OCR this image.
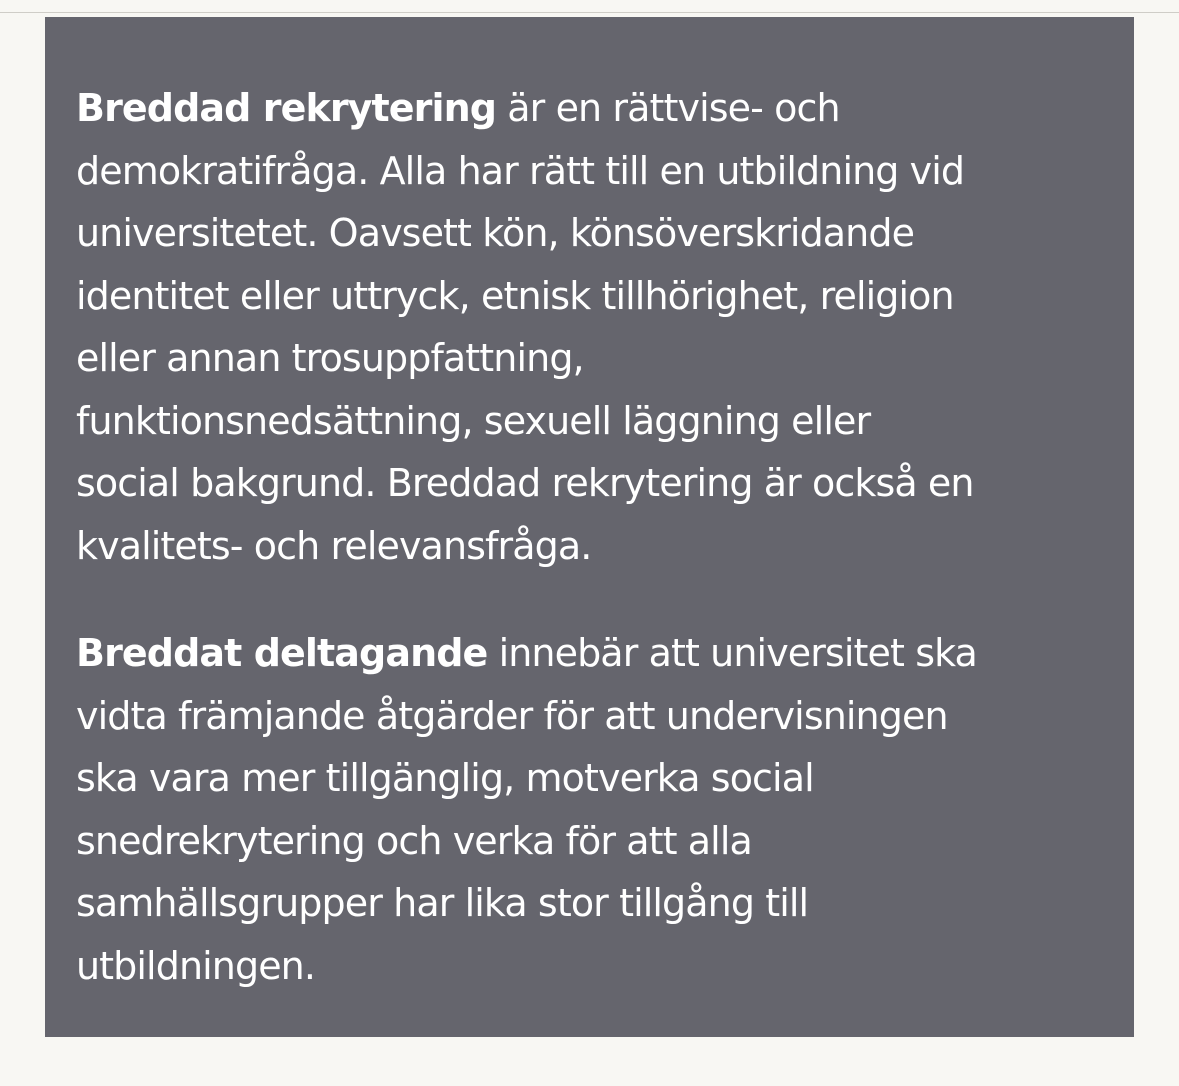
Breddad rekrytering är en rättvise- och
demokratifråga. Alla har rätt till en utbildning vid
universitetet. Oavsett kön, könsöverskridande
identitet eller uttryck, etnisk tillhörighet, religion
eller annan trosuppfattning,
funktionsnedsättning, sexuell läggning eller
social bakgrund. Breddad rekrytering är också en
kvalitets- och relevansfråga.

Breddat deltagande innebär att universitet ska
vidta främjande åtgärder för att undervisningen
ska vara mer tillgänglig, motverka social
snedrekrytering och verka för att alla
samhällsgrupper har lika stor tillgång till
utbildningen.
